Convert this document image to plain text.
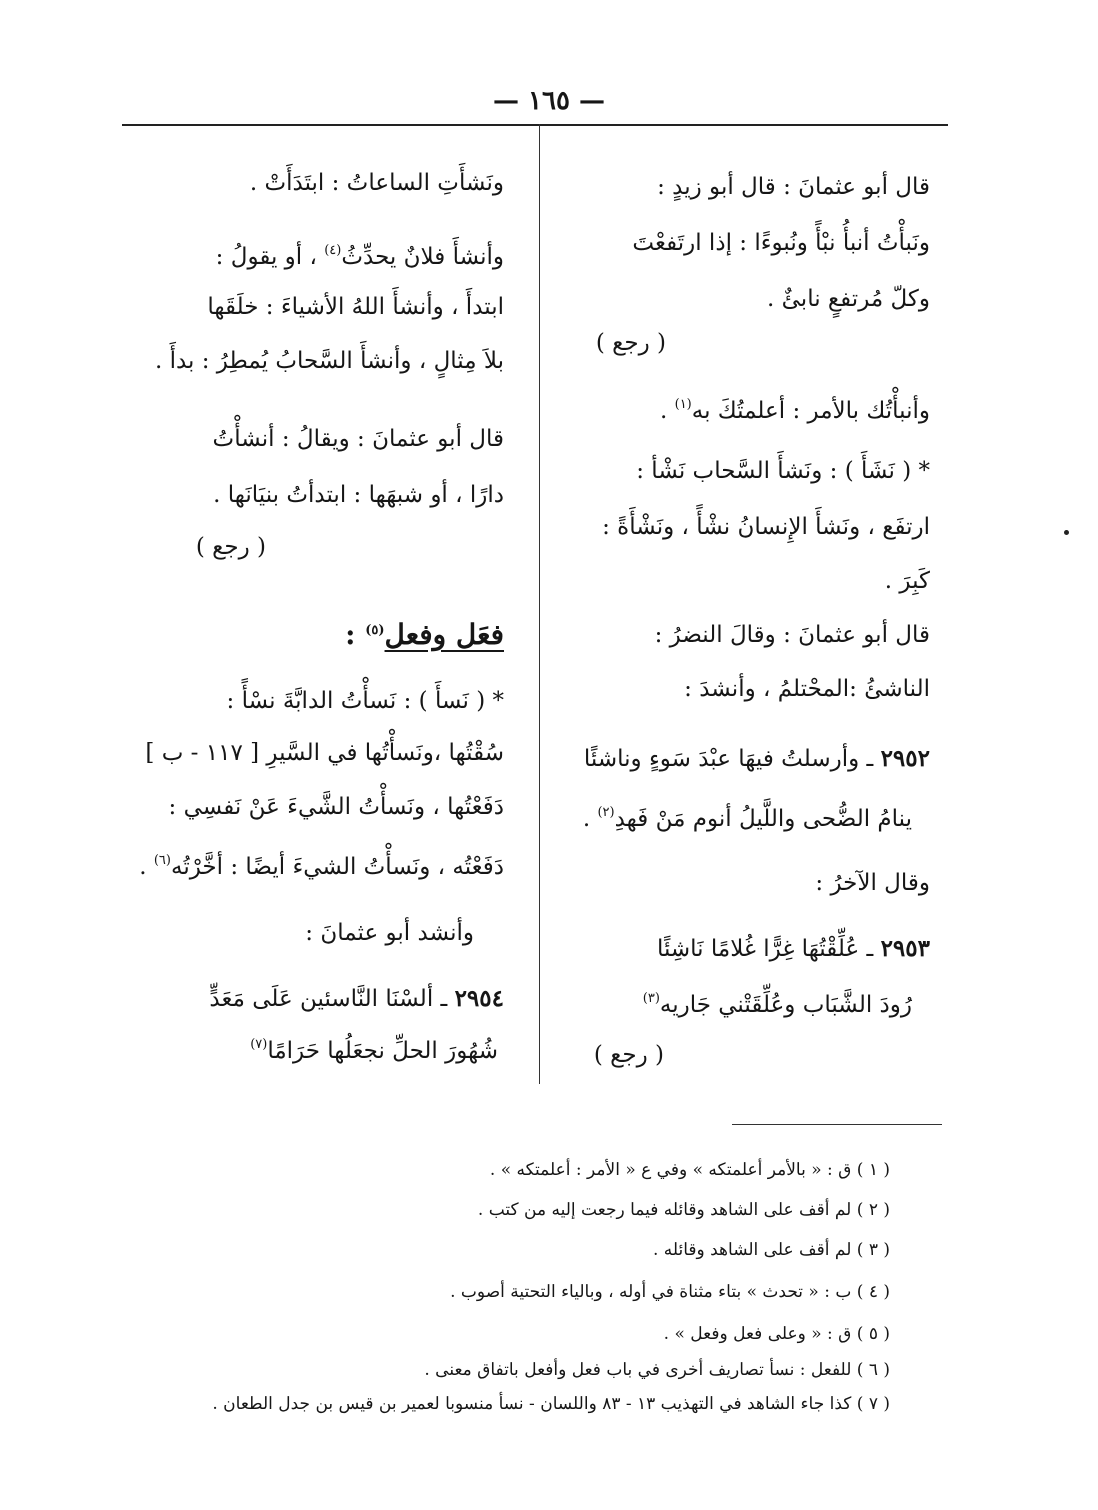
— ١٦٥ —
قال أبو عثمانَ : قال أبو زيدٍ :
ونَبأْتُ أنبأُ نبْأً ونُبوءًا : إذا ارتَفعْتَ
وكلّ مُرتفعٍ نابئٌ .
( رجع )
وأنبأْتُك بالأمر : أعلمتُكَ به$^{(١)}$ .
* ( نَشَأَ ) : ونَشأَ السَّحاب نَشْأ :
ارتفَع ، ونَشأَ الإِنسانُ نشْأً ، ونَشْأَةً :
كَبِرَ .
قال أبو عثمانَ : وقالَ النضرُ :
الناشئُ :المحْتلمُ ، وأنشدَ :
٢٩٥٢ ـ وأرسلتُ فيهَا عبْدَ سَوءٍ وناشئًا
ينامُ الضُّحى واللَّيلُ أنوم مَنْ فَهدِ$^{(٢)}$ .
وقال الآخرُ :
٢٩٥٣ ـ عُلِّقْتُهَا غِرًّا غُلامًا نَاشِئًا
رُودَ الشَّبَاب وعُلِّقَتْني جَاريه$^{(٣)}$
( رجع )
ونَشأَتِ الساعاتُ : ابتَدَأَتْ .
وأنشأَ فلانٌ يحدِّثُ$^{(٤)}$ ، أو يقولُ :
ابتدأَ ، وأنشأَ اللهُ الأشياءَ : خلَقَها
بلاَ مِثالٍ ، وأنشأَ السَّحابُ يُمطِرُ : بدأَ .
قال أبو عثمانَ : ويقالُ : أنشأْتُ
دارًا ، أو شبهَها : ابتدأتُ بنيَانَها .
( رجع )
فعَل وفعل$^{(٥)}$ :
* ( نَسأَ ) : نَسأْتُ الدابَّةَ نسْأً :
سُقْتُها ،ونَسأْتُها في السَّيرِ [ ١١٧ - ب ]
دَفَعْتُها ، ونَسأْتُ الشَّيءَ عَنْ نَفسِي :
دَفَعْتُه ، ونَسأْتُ الشيءَ أيضًا : أخَّرْتُه$^{(٦)}$ .
وأنشد أبو عثمانَ :
٢٩٥٤ ـ ألسْنَا النَّاسئين عَلَى مَعَدٍّ
شُهُورَ الحلِّ نجعَلُها حَرَامًا$^{(٧)}$
( ١ ) ق : « بالأمر أعلمتكه » وفي ع « الأمر : أعلمتكه » .
( ٢ ) لم أقف على الشاهد وقائله فيما رجعت إليه من كتب .
( ٣ ) لم أقف على الشاهد وقائله .
( ٤ ) ب : « تحدث » بتاء مثناة في أوله ، وبالياء التحتية أصوب .
( ٥ ) ق : « وعلى فعل وفعل » .
( ٦ ) للفعل : نسأ تصاريف أخرى في باب فعل وأفعل باتفاق معنى .
( ٧ ) كذا جاء الشاهد في التهذيب ١٣ - ٨٣ واللسان - نسأ منسوبا لعمير بن قيس بن جدل الطعان .
